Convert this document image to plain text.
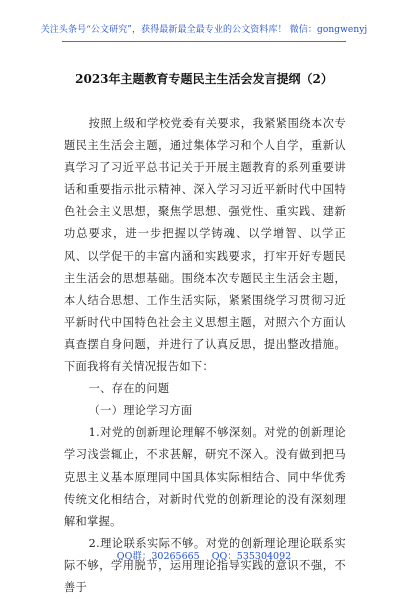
关注头条号“公文研究”，获得最新最全最专业的公文资料库！ 微信：gongwenyj
2023年主题教育专题民主生活会发言提纲（2）

按照上级和学校党委有关要求，我紧紧围绕本次专题民主生活会主题，通过集体学习和个人自学，重新认真学习了习近平总书记关于开展主题教育的系列重要讲话和重要指示批示精神、深入学习习近平新时代中国特色社会主义思想，聚焦学思想、强党性、重实践、建新功总要求，进一步把握以学铸魂、以学增智、以学正风、以学促干的丰富内涵和实践要求，打牢开好专题民主生活会的思想基础。围绕本次专题民主生活会主题，本人结合思想、工作生活实际，紧紧围绕学习贯彻习近平新时代中国特色社会主义思想主题，对照六个方面认真查摆自身问题，并进行了认真反思，提出整改措施。下面我将有关情况报告如下：

一、存在的问题

（一）理论学习方面

1.对党的创新理论理解不够深刻。对党的创新理论学习浅尝辄止，不求甚解，研究不深入。没有做到把马克思主义基本原理同中国具体实际相结合、同中华优秀传统文化相结合，对新时代党的创新理论的没有深刻理解和掌握。

2.理论联系实际不够。对党的创新理论理论联系实际不够，学用脱节，运用理论指导实践的意识不强，不善于

QQ群：30265665 QQ：535304092
